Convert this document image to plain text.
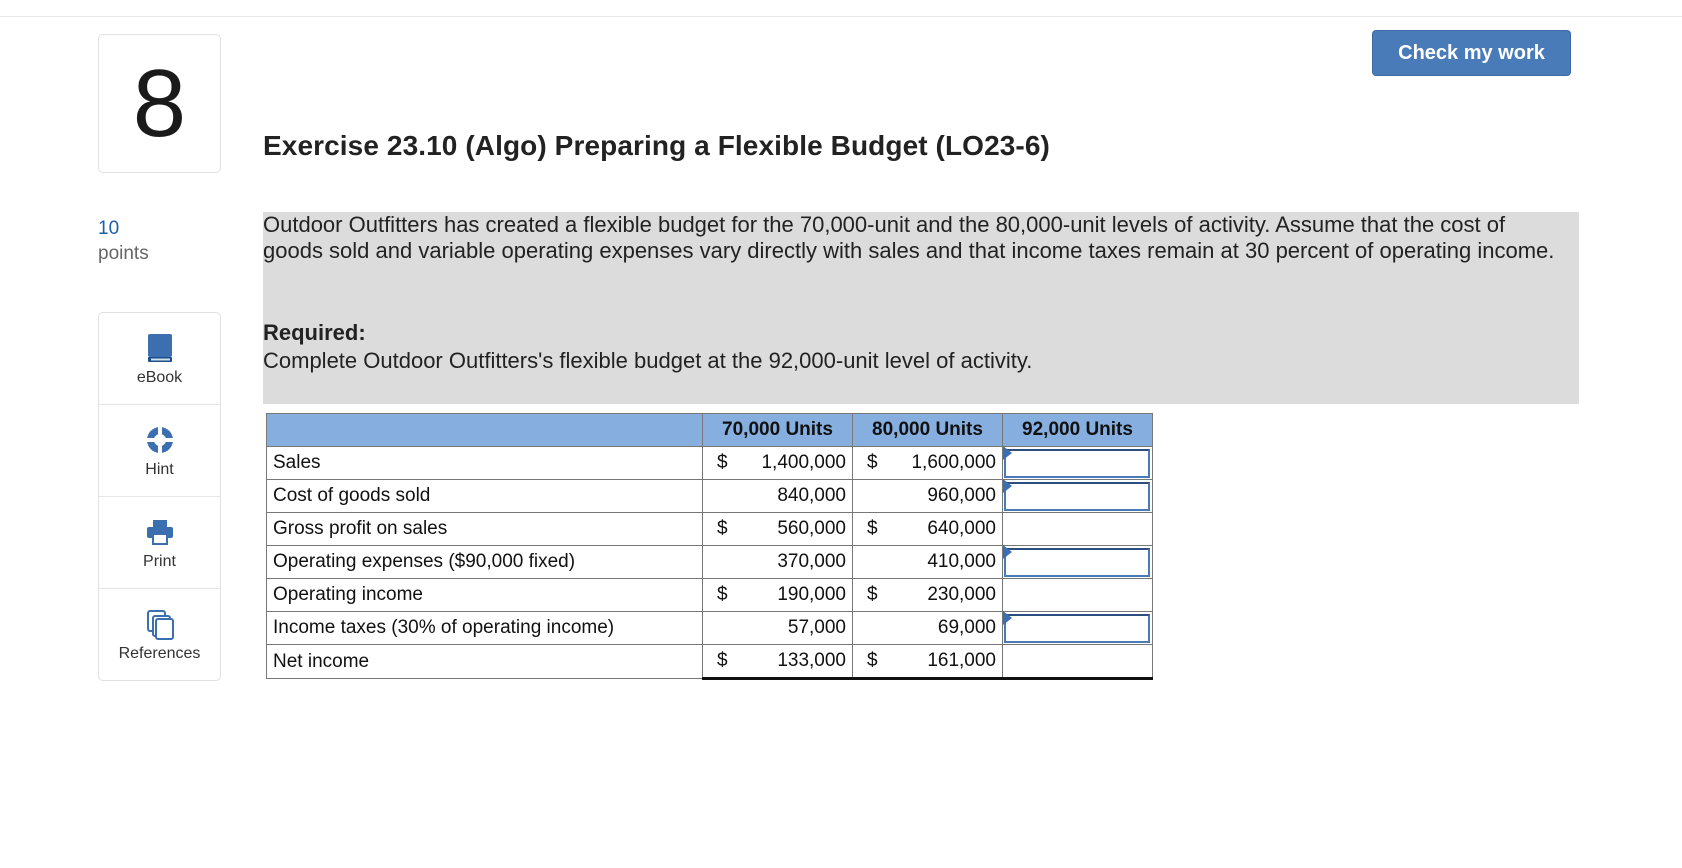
8
10
points
eBook
Hint
Print
References
Check my work
Exercise 23.10 (Algo) Preparing a Flexible Budget (LO23-6)
Outdoor Outfitters has created a flexible budget for the 70,000-unit and the 80,000-unit levels of activity. Assume that the cost of goods sold and variable operating expenses vary directly with sales and that income taxes remain at 30 percent of operating income.
Required:
Complete Outdoor Outfitters's flexible budget at the 92,000-unit level of activity.
	70,000 Units	80,000 Units	92,000 Units
Sales	$ 1,400,000	$ 1,600,000	

Cost of goods sold	840,000	960,000	

Gross profit on sales	$ 560,000	$ 640,000	

Operating expenses ($90,000 fixed)	370,000	410,000	

Operating income	$ 190,000	$ 230,000	

Income taxes (30% of operating income)	57,000	69,000	

Net income	$ 133,000	$ 161,000	
